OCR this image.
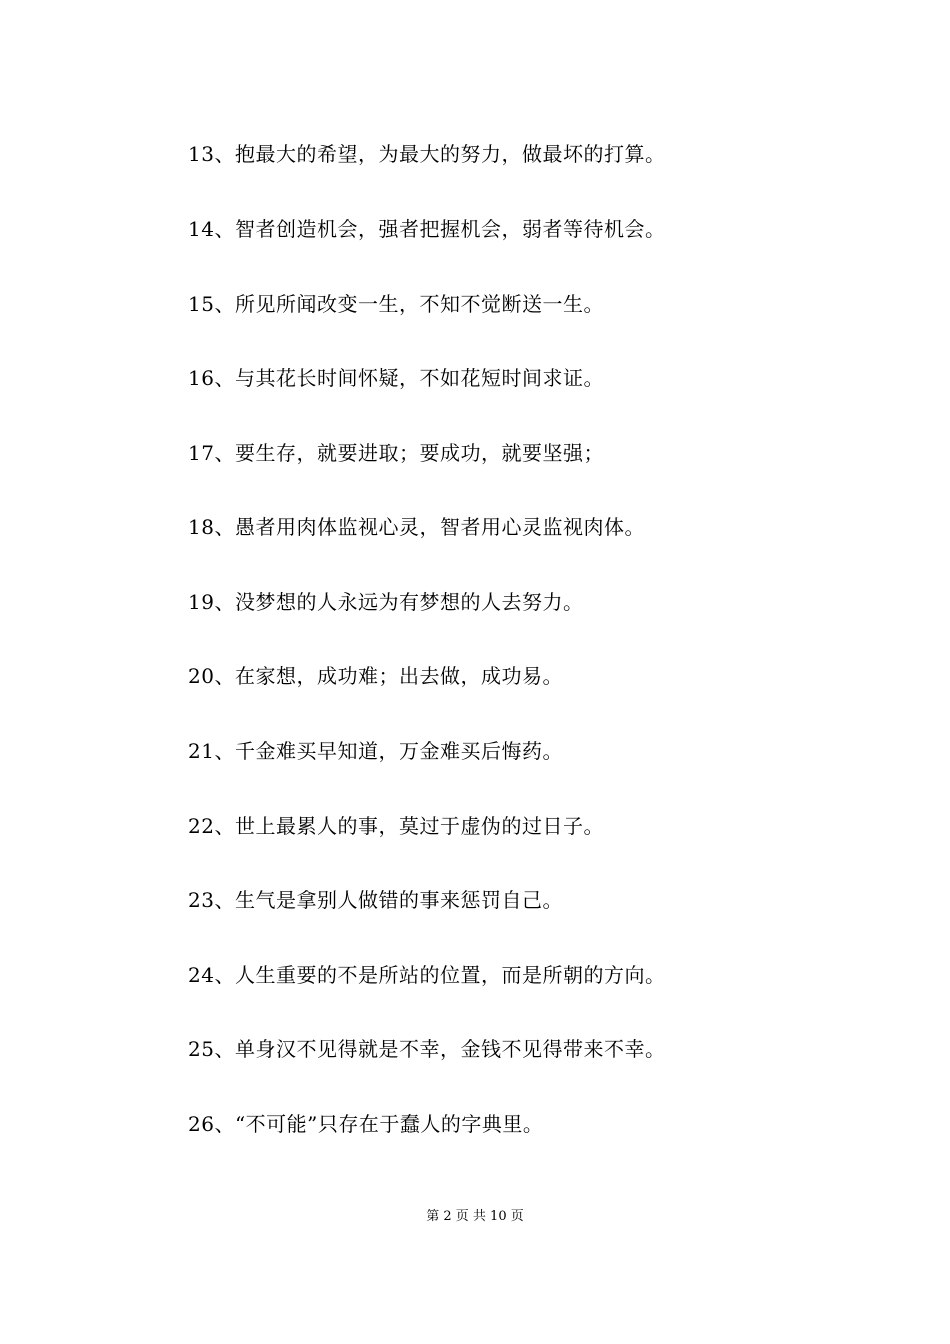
13、抱最大的希望，为最大的努力，做最坏的打算。
14、智者创造机会，强者把握机会，弱者等待机会。
15、所见所闻改变一生，不知不觉断送一生。
16、与其花长时间怀疑，不如花短时间求证。
17、要生存，就要进取；要成功，就要坚强；
18、愚者用肉体监视心灵，智者用心灵监视肉体。
19、没梦想的人永远为有梦想的人去努力。
20、在家想，成功难；出去做，成功易。
21、千金难买早知道，万金难买后悔药。
22、世上最累人的事，莫过于虚伪的过日子。
23、生气是拿别人做错的事来惩罚自己。
24、人生重要的不是所站的位置，而是所朝的方向。
25、单身汉不见得就是不幸，金钱不见得带来不幸。
26、“不可能”只存在于蠢人的字典里。
第 2 页 共 10 页
